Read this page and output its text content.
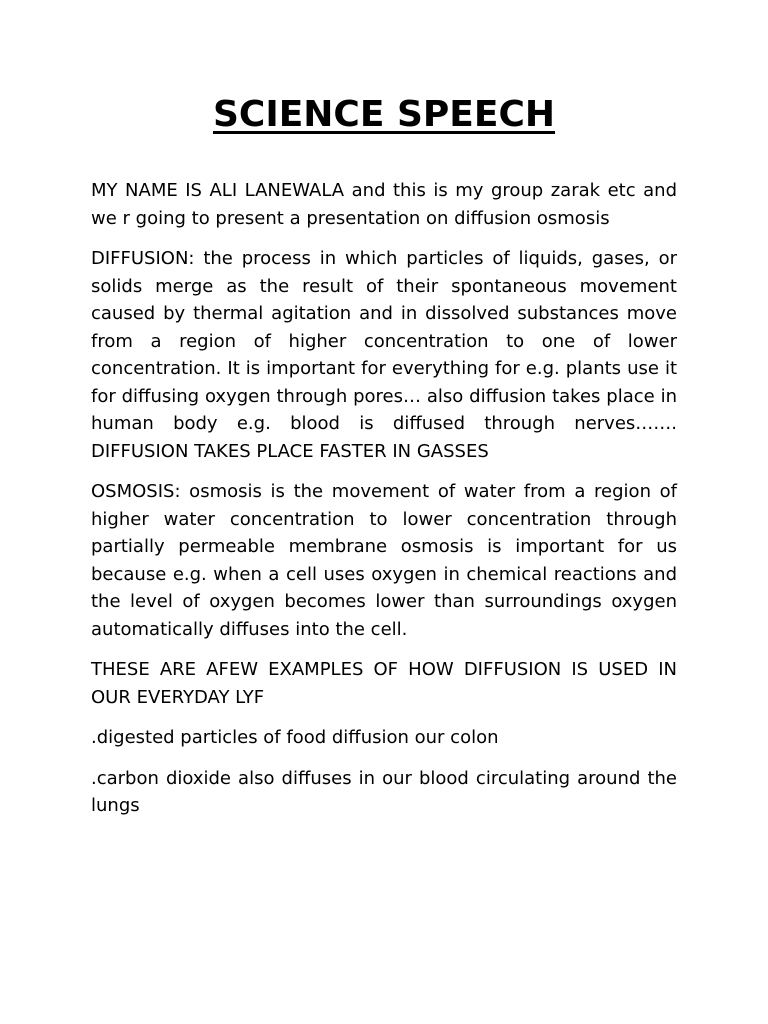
SCIENCE SPEECH

MY NAME IS ALI LANEWALA and this is my group zarak etc and we r going to present a presentation on diffusion osmosis

DIFFUSION: the process in which particles of liquids, gases, or solids merge as the result of their spontaneous movement caused by thermal agitation and in dissolved substances move from a region of higher concentration to one of lower concentration. It is important for everything for e.g. plants use it for diffusing oxygen through pores… also diffusion takes place in human body e.g. blood is diffused through nerves……. DIFFUSION TAKES PLACE FASTER IN GASSES

OSMOSIS: osmosis is the movement of water from a region of higher water concentration to lower concentration through partially permeable membrane osmosis is important for us because e.g. when a cell uses oxygen in chemical reactions and the level of oxygen becomes lower than surroundings oxygen automatically diffuses into the cell.

THESE ARE AFEW EXAMPLES OF HOW DIFFUSION IS USED IN OUR EVERYDAY LYF

.digested particles of food diffusion our colon

.carbon dioxide also diffuses in our blood circulating around the lungs
